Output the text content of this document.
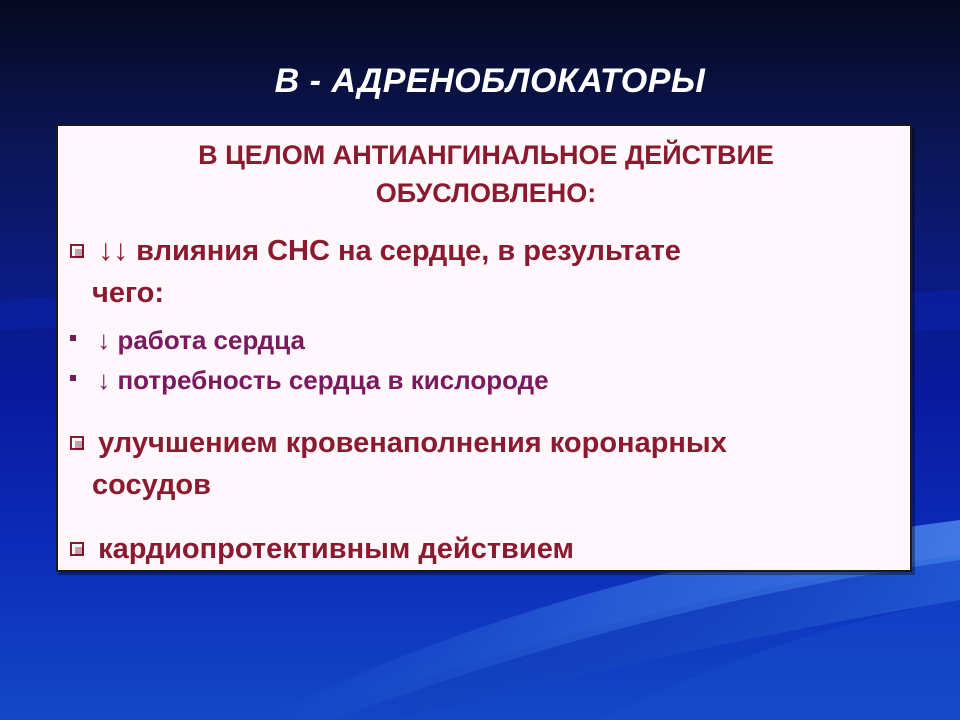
В - АДРЕНОБЛОКАТОРЫ
В ЦЕЛОМ АНТИАНГИНАЛЬНОЕ ДЕЙСТВИЕ
ОБУСЛОВЛЕНО:
↓↓ влияния СНС на сердце, в результате
чего:
↓ работа сердца
↓ потребность сердца в кислороде
улучшением кровенаполнения коронарных
сосудов
кардиопротективным действием
